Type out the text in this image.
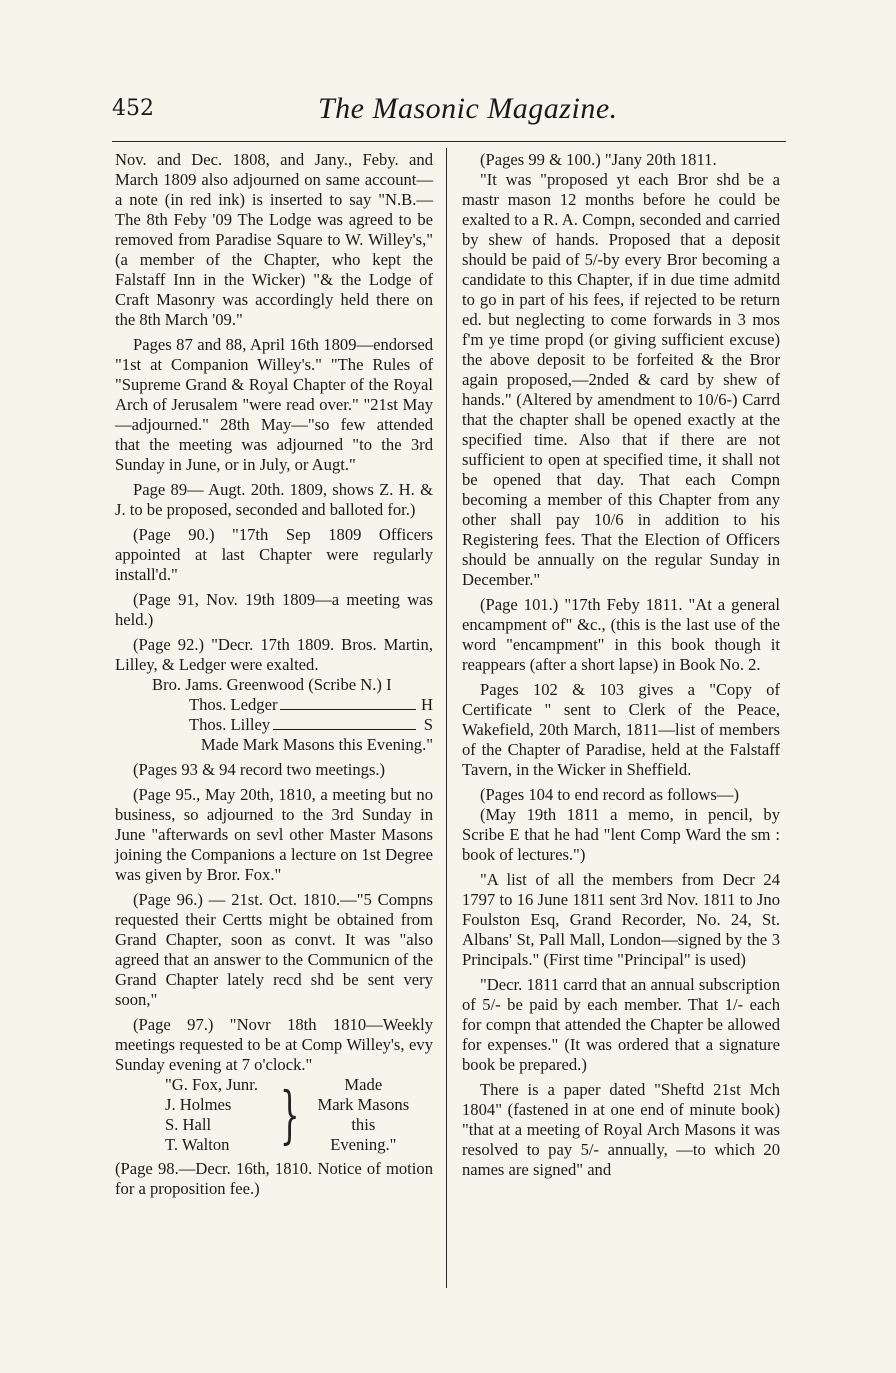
452	The Masonic Magazine.

Nov. and Dec. 1808, and Jany., Feby. and March 1809 also adjourned on same account—a note (in red ink) is inserted to say "N.B.—The 8th Feby '09 The Lodge was agreed to be removed from Paradise Square to W. Willey's," (a member of the Chapter, who kept the Falstaff Inn in the Wicker) "& the Lodge of Craft Masonry was accordingly held there on the 8th March '09."

Pages 87 and 88, April 16th 1809—endorsed "1st at Companion Willey's." "The Rules of "Supreme Grand & Royal Chapter of the Royal Arch of Jerusalem "were read over." "21st May—adjourned." 28th May—"so few attended that the meeting was adjourned "to the 3rd Sunday in June, or in July, or Augt."

Page 89— Augt. 20th. 1809, shows Z. H. & J. to be proposed, seconded and balloted for.)

(Page 90.) "17th Sep 1809 Officers appointed at last Chapter were regularly install'd."

(Page 91, Nov. 19th 1809—a meeting was held.)

(Page 92.) "Decr. 17th 1809. Bros. Martin, Lilley, & Ledger were exalted.

Bro. Jams. Greenwood (Scribe N.) I
Thos. Ledger	H
Thos. Lilley	S
Made Mark Masons this Evening."

(Pages 93 & 94 record two meetings.)

(Page 95., May 20th, 1810, a meeting but no business, so adjourned to the 3rd Sunday in June "afterwards on sevl other Master Masons joining the Companions a lecture on 1st Degree was given by Bror. Fox."

(Page 96.) — 21st. Oct. 1810.—"5 Compns requested their Certts might be obtained from Grand Chapter, soon as convt. It was "also agreed that an answer to the Communicn of the Grand Chapter lately recd shd be sent very soon,"

(Page 97.) "Novr 18th 1810—Weekly meetings requested to be at Comp Willey's, evy Sunday evening at 7 o'clock."

"G. Fox, Junr.
J. Holmes
S. Hall
T. Walton }	Made
Mark Masons
this
Evening."

(Page 98.—Decr. 16th, 1810. Notice of motion for a proposition fee.)

(Pages 99 & 100.) "Jany 20th 1811.

"It was "proposed yt each Bror shd be a mastr mason 12 months before he could be exalted to a R. A. Compn, seconded and carried by shew of hands. Proposed that a deposit should be paid of 5/-by every Bror becoming a candidate to this Chapter, if in due time admitd to go in part of his fees, if rejected to be return ed. but neglecting to come forwards in 3 mos f'm ye time propd (or giving sufficient excuse) the above deposit to be forfeited & the Bror again proposed,—2nded & card by shew of hands." (Altered by amendment to 10/6-) Carrd that the chapter shall be opened exactly at the specified time. Also that if there are not sufficient to open at specified time, it shall not be opened that day. That each Compn becoming a member of this Chapter from any other shall pay 10/6 in addition to his Registering fees. That the Election of Officers should be annually on the regular Sunday in December."

(Page 101.) "17th Feby 1811. "At a general encampment of" &c., (this is the last use of the word "encampment" in this book though it reappears (after a short lapse) in Book No. 2.

Pages 102 & 103 gives a "Copy of Certificate " sent to Clerk of the Peace, Wakefield, 20th March, 1811—list of members of the Chapter of Paradise, held at the Falstaff Tavern, in the Wicker in Sheffield.

(Pages 104 to end record as follows—)

(May 19th 1811 a memo, in pencil, by Scribe E that he had "lent Comp Ward the sm : book of lectures.")

"A list of all the members from Decr 24 1797 to 16 June 1811 sent 3rd Nov. 1811 to Jno Foulston Esq, Grand Recorder, No. 24, St. Albans' St, Pall Mall, London—signed by the 3 Principals." (First time "Principal" is used)

"Decr. 1811 carrd that an annual subscription of 5/- be paid by each member. That 1/- each for compn that attended the Chapter be allowed for expenses." (It was ordered that a signature book be prepared.)

There is a paper dated "Sheftd 21st Mch 1804" (fastened in at one end of minute book) "that at a meeting of Royal Arch Masons it was resolved to pay 5/- annually, —to which 20 names are signed" and
